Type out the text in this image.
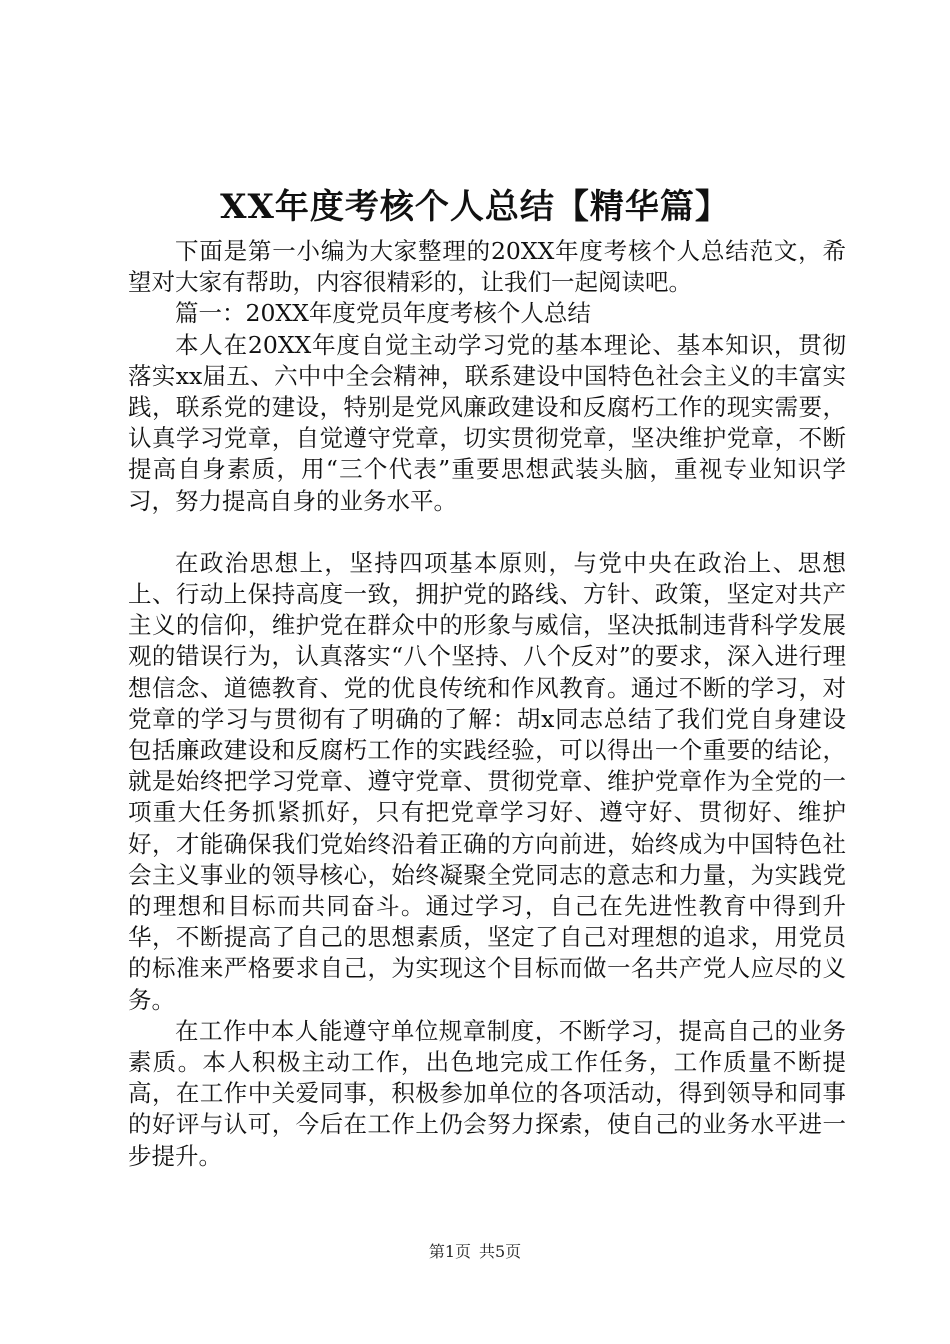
XX年度考核个人总结【精华篇】

下面是第一小编为大家整理的20XX年度考核个人总结范文，希望对大家有帮助，内容很精彩的，让我们一起阅读吧。

篇一：20XX年度党员年度考核个人总结

本人在20XX年度自觉主动学习党的基本理论、基本知识，贯彻落实xx届五、六中中全会精神，联系建设中国特色社会主义的丰富实践，联系党的建设，特别是党风廉政建设和反腐朽工作的现实需要，认真学习党章，自觉遵守党章，切实贯彻党章，坚决维护党章，不断提高自身素质，用“三个代表”重要思想武装头脑，重视专业知识学习，努力提高自身的业务水平。

在政治思想上，坚持四项基本原则，与党中央在政治上、思想上、行动上保持高度一致，拥护党的路线、方针、政策，坚定对共产主义的信仰，维护党在群众中的形象与威信，坚决抵制违背科学发展观的错误行为，认真落实“八个坚持、八个反对”的要求，深入进行理想信念、道德教育、党的优良传统和作风教育。通过不断的学习，对党章的学习与贯彻有了明确的了解：胡x同志总结了我们党自身建设包括廉政建设和反腐朽工作的实践经验，可以得出一个重要的结论，就是始终把学习党章、遵守党章、贯彻党章、维护党章作为全党的一项重大任务抓紧抓好，只有把党章学习好、遵守好、贯彻好、维护好，才能确保我们党始终沿着正确的方向前进，始终成为中国特色社会主义事业的领导核心，始终凝聚全党同志的意志和力量，为实践党的理想和目标而共同奋斗。通过学习，自己在先进性教育中得到升华，不断提高了自己的思想素质，坚定了自己对理想的追求，用党员的标准来严格要求自己，为实现这个目标而做一名共产党人应尽的义务。

在工作中本人能遵守单位规章制度，不断学习，提高自己的业务素质。本人积极主动工作，出色地完成工作任务，工作质量不断提高，在工作中关爱同事，积极参加单位的各项活动，得到领导和同事的好评与认可，今后在工作上仍会努力探索，使自己的业务水平进一步提升。

第1页 共5页
